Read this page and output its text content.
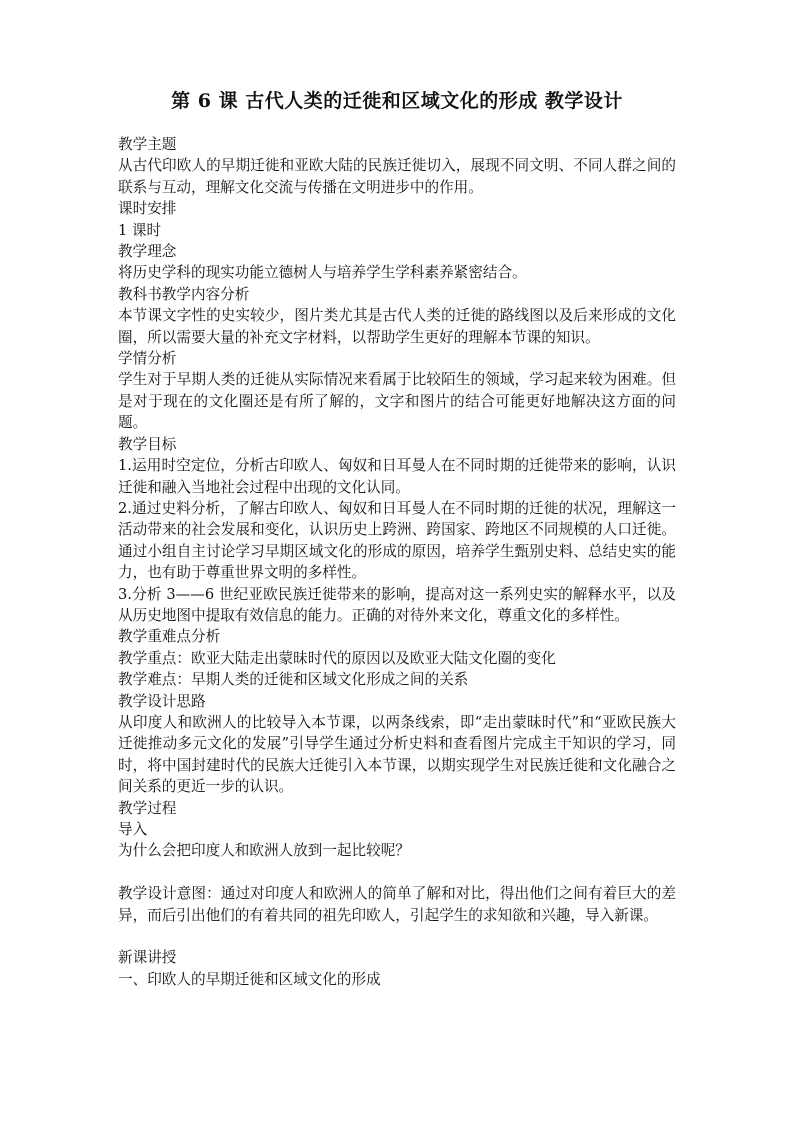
第 6 课 古代人类的迁徙和区域文化的形成 教学设计

教学主题

从古代印欧人的早期迁徙和亚欧大陆的民族迁徙切入，展现不同文明、不同人群之间的联系与互动，理解文化交流与传播在文明进步中的作用。

课时安排

1 课时

教学理念

将历史学科的现实功能立德树人与培养学生学科素养紧密结合。

教科书教学内容分析

本节课文字性的史实较少，图片类尤其是古代人类的迁徙的路线图以及后来形成的文化圈，所以需要大量的补充文字材料，以帮助学生更好的理解本节课的知识。

学情分析

学生对于早期人类的迁徙从实际情况来看属于比较陌生的领域，学习起来较为困难。但是对于现在的文化圈还是有所了解的，文字和图片的结合可能更好地解决这方面的问题。

教学目标

1.运用时空定位，分析古印欧人、匈奴和日耳曼人在不同时期的迁徙带来的影响，认识迁徙和融入当地社会过程中出现的文化认同。

2.通过史料分析，了解古印欧人、匈奴和日耳曼人在不同时期的迁徙的状况，理解这一活动带来的社会发展和变化，认识历史上跨洲、跨国家、跨地区不同规模的人口迁徙。通过小组自主讨论学习早期区域文化的形成的原因，培养学生甄别史料、总结史实的能力，也有助于尊重世界文明的多样性。

3.分析 3——6 世纪亚欧民族迁徙带来的影响，提高对这一系列史实的解释水平，以及从历史地图中提取有效信息的能力。正确的对待外来文化，尊重文化的多样性。

教学重难点分析

教学重点：欧亚大陆走出蒙昧时代的原因以及欧亚大陆文化圈的变化

教学难点：早期人类的迁徙和区域文化形成之间的关系

教学设计思路

从印度人和欧洲人的比较导入本节课，以两条线索，即“走出蒙昧时代”和“亚欧民族大迁徙推动多元文化的发展”引导学生通过分析史料和查看图片完成主干知识的学习，同时，将中国封建时代的民族大迁徙引入本节课，以期实现学生对民族迁徙和文化融合之间关系的更近一步的认识。

教学过程

导入

为什么会把印度人和欧洲人放到一起比较呢？

教学设计意图：通过对印度人和欧洲人的简单了解和对比，得出他们之间有着巨大的差异，而后引出他们的有着共同的祖先印欧人，引起学生的求知欲和兴趣，导入新课。

新课讲授

一、印欧人的早期迁徙和区域文化的形成
